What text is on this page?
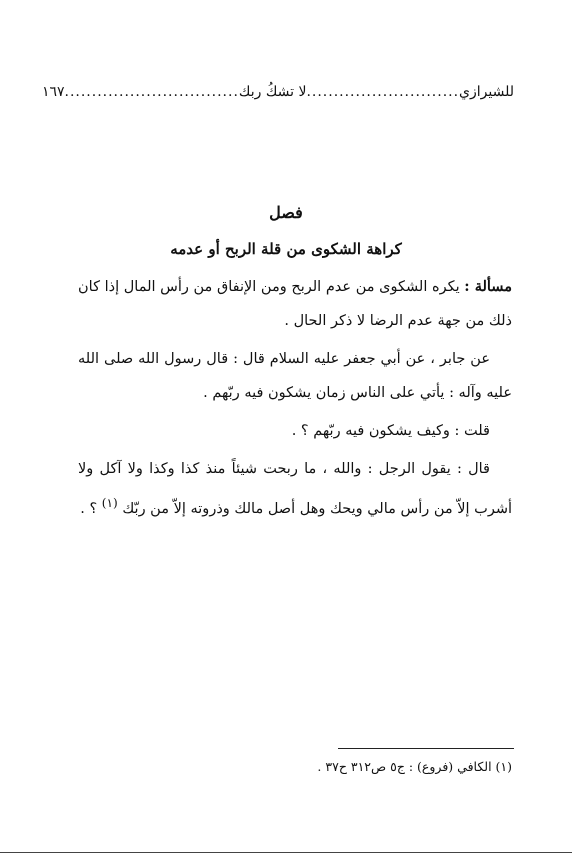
للشيرازي
............................
لا تشكُ ربك
................................
١٦٧
فصل
كراهة الشكوى من قلة الربح أو عدمه

مسألة : يكره الشكوى من عدم الربح ومن الإنفاق من رأس المال إذا كان ذلك من جهة عدم الرضا لا ذكر الحال .

عن جابر ، عن أبي جعفر عليه السلام قال : قال رسول الله صلى الله عليه وآله : يأتي على الناس زمان يشكون فيه ربّهم .

قلت : وكيف يشكون فيه ربّهم ؟ .

قال : يقول الرجل : والله ، ما ربحت شيئاً منذ كذا وكذا ولا آكل ولا أشرب إلاّ من رأس مالي ويحك وهل أصل مالك وذروته إلاّ من ربّك $^{(١)}$ ؟ .

(١) الكافي (فروع) : ج٥ ص٣١٢ ح٣٧ .
